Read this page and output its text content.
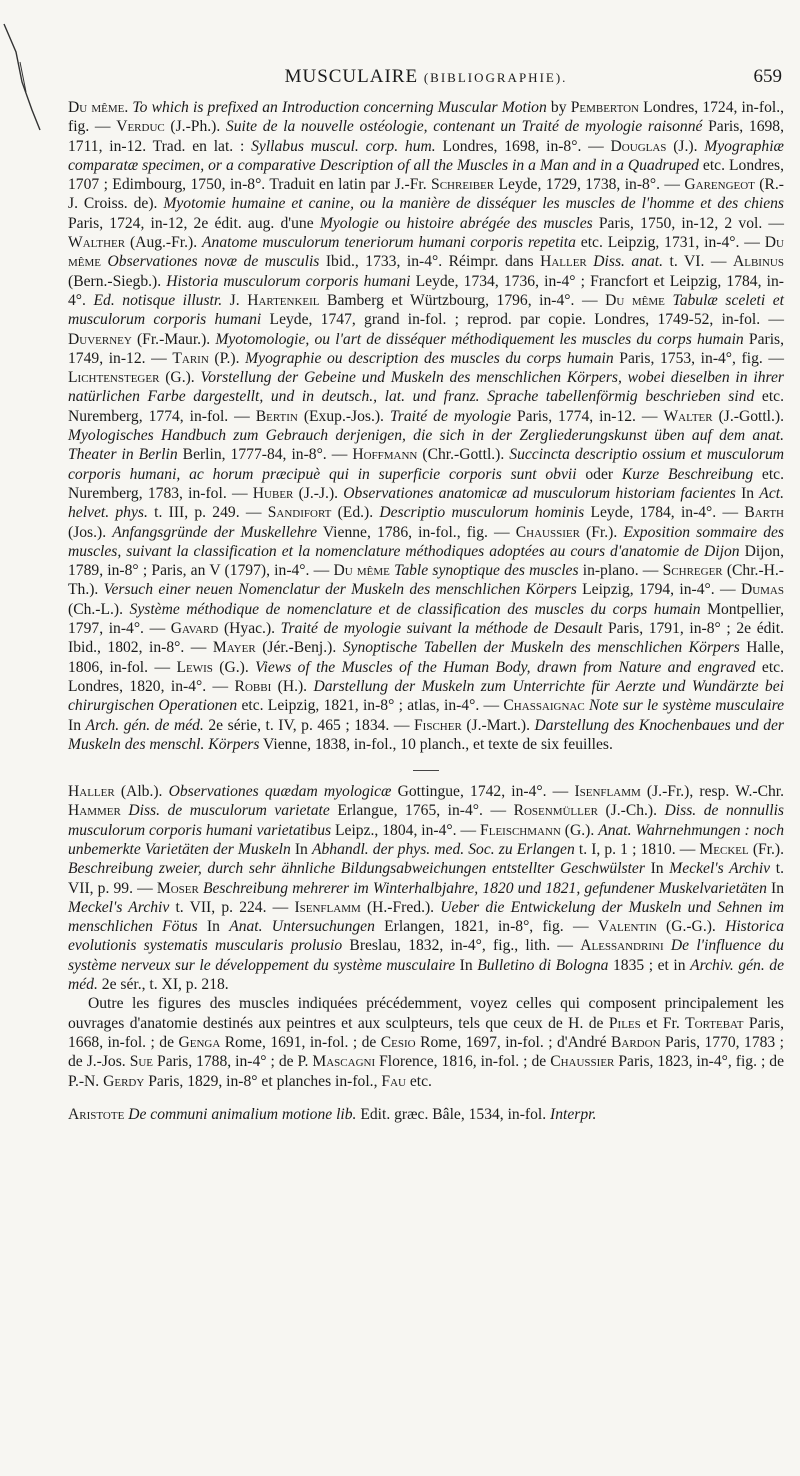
MUSCULAIRE (BIBLIOGRAPHIE).	659

Du même. To which is prefixed an Introduction concerning Muscular Motion by Pemberton Londres, 1724, in-fol., fig. — Verduc (J.-Ph.). Suite de la nouvelle ostéologie, contenant un Traité de myologie raisonné Paris, 1698, 1711, in-12. Trad. en lat. : Syllabus muscul. corp. hum. Londres, 1698, in-8°. — Douglas (J.). Myographiæ comparatæ specimen, or a comparative Description of all the Muscles in a Man and in a Quadruped etc. Londres, 1707 ; Edimbourg, 1750, in-8°. Traduit en latin par J.-Fr. Schreiber Leyde, 1729, 1738, in-8°. — Garengeot (R.-J. Croiss. de). Myotomie humaine et canine, ou la manière de disséquer les muscles de l'homme et des chiens Paris, 1724, in-12, 2e édit. aug. d'une Myologie ou histoire abrégée des muscles Paris, 1750, in-12, 2 vol. — Walther (Aug.-Fr.). Anatome musculorum teneriorum humani corporis repetita etc. Leipzig, 1731, in-4°. — Du même Observationes novæ de musculis Ibid., 1733, in-4°. Réimpr. dans Haller Diss. anat. t. VI. — Albinus (Bern.-Siegb.). Historia musculorum corporis humani Leyde, 1734, 1736, in-4° ; Francfort et Leipzig, 1784, in-4°. Ed. notisque illustr. J. Hartenkeil Bamberg et Würtzbourg, 1796, in-4°. — Du même Tabulæ sceleti et musculorum corporis humani Leyde, 1747, grand in-fol. ; reprod. par copie. Londres, 1749-52, in-fol. — Duverney (Fr.-Maur.). Myotomologie, ou l'art de disséquer méthodiquement les muscles du corps humain Paris, 1749, in-12. — Tarin (P.). Myographie ou description des muscles du corps humain Paris, 1753, in-4°, fig. — Lichtensteger (G.). Vorstellung der Gebeine und Muskeln des menschlichen Körpers, wobei dieselben in ihrer natürlichen Farbe dargestellt, und in deutsch., lat. und franz. Sprache tabellenförmig beschrieben sind etc. Nuremberg, 1774, in-fol. — Bertin (Exup.-Jos.). Traité de myologie Paris, 1774, in-12. — Walter (J.-Gottl.). Myologisches Handbuch zum Gebrauch derjenigen, die sich in der Zergliederungskunst üben auf dem anat. Theater in Berlin Berlin, 1777-84, in-8°. — Hoffmann (Chr.-Gottl.). Succincta descriptio ossium et musculorum corporis humani, ac horum præcipuè qui in superficie corporis sunt obvii oder Kurze Beschreibung etc. Nuremberg, 1783, in-fol. — Huber (J.-J.). Observationes anatomicæ ad musculorum historiam facientes In Act. helvet. phys. t. III, p. 249. — Sandifort (Ed.). Descriptio musculorum hominis Leyde, 1784, in-4°. — Barth (Jos.). Anfangsgründe der Muskellehre Vienne, 1786, in-fol., fig. — Chaussier (Fr.). Exposition sommaire des muscles, suivant la classification et la nomenclature méthodiques adoptées au cours d'anatomie de Dijon Dijon, 1789, in-8° ; Paris, an V (1797), in-4°. — Du même Table synoptique des muscles in-plano. — Schreger (Chr.-H.-Th.). Versuch einer neuen Nomenclatur der Muskeln des menschlichen Körpers Leipzig, 1794, in-4°. — Dumas (Ch.-L.). Système méthodique de nomenclature et de classification des muscles du corps humain Montpellier, 1797, in-4°. — Gavard (Hyac.). Traité de myologie suivant la méthode de Desault Paris, 1791, in-8° ; 2e édit. Ibid., 1802, in-8°. — Mayer (Jér.-Benj.). Synoptische Tabellen der Muskeln des menschlichen Körpers Halle, 1806, in-fol. — Lewis (G.). Views of the Muscles of the Human Body, drawn from Nature and engraved etc. Londres, 1820, in-4°. — Robbi (H.). Darstellung der Muskeln zum Unterrichte für Aerzte und Wundärzte bei chirurgischen Operationen etc. Leipzig, 1821, in-8° ; atlas, in-4°. — Chassaignac Note sur le système musculaire In Arch. gén. de méd. 2e série, t. IV, p. 465 ; 1834. — Fischer (J.-Mart.). Darstellung des Knochenbaues und der Muskeln des menschl. Körpers Vienne, 1838, in-fol., 10 planch., et texte de six feuilles.

Haller (Alb.). Observationes quædam myologicæ Gottingue, 1742, in-4°. — Isenflamm (J.-Fr.), resp. W.-Chr. Hammer Diss. de musculorum varietate Erlangue, 1765, in-4°. — Rosenmüller (J.-Ch.). Diss. de nonnullis musculorum corporis humani varietatibus Leipz., 1804, in-4°. — Fleischmann (G.). Anat. Wahrnehmungen : noch unbemerkte Varietäten der Muskeln In Abhandl. der phys. med. Soc. zu Erlangen t. I, p. 1 ; 1810. — Meckel (Fr.). Beschreibung zweier, durch sehr ähnliche Bildungsabweichungen entstellter Geschwülster In Meckel's Archiv t. VII, p. 99. — Moser Beschreibung mehrerer im Winterhalbjahre, 1820 und 1821, gefundener Muskelvarietäten In Meckel's Archiv t. VII, p. 224. — Isenflamm (H.-Fred.). Ueber die Entwickelung der Muskeln und Sehnen im menschlichen Fötus In Anat. Untersuchungen Erlangen, 1821, in-8°, fig. — Valentin (G.-G.). Historica evolutionis systematis muscularis prolusio Breslau, 1832, in-4°, fig., lith. — Alessandrini De l'influence du système nerveux sur le développement du système musculaire In Bulletino di Bologna 1835 ; et in Archiv. gén. de méd. 2e sér., t. XI, p. 218.

Outre les figures des muscles indiquées précédemment, voyez celles qui composent principalement les ouvrages d'anatomie destinés aux peintres et aux sculpteurs, tels que ceux de H. de Piles et Fr. Tortebat Paris, 1668, in-fol. ; de Genga Rome, 1691, in-fol. ; de Cesio Rome, 1697, in-fol. ; d'André Bardon Paris, 1770, 1783 ; de J.-Jos. Sue Paris, 1788, in-4° ; de P. Mascagni Florence, 1816, in-fol. ; de Chaussier Paris, 1823, in-4°, fig. ; de P.-N. Gerdy Paris, 1829, in-8° et planches in-fol., Fau etc.

Aristote De communi animalium motione lib. Edit. græc. Bâle, 1534, in-fol. Interpr.
